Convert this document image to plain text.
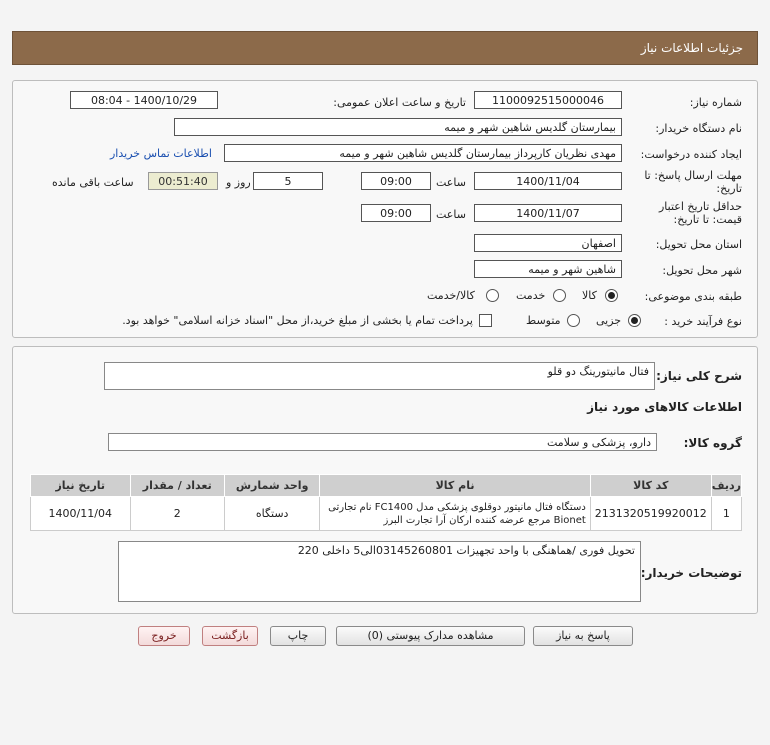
جزئیات اطلاعات نیاز
شماره نیاز:
1100092515000046
تاریخ و ساعت اعلان عمومی:
1400/10/29 - 08:04
نام دستگاه خریدار:
بیمارستان گلدیس شاهین شهر و میمه
ایجاد کننده درخواست:
مهدی نظریان کارپرداز بیمارستان گلدیس شاهین شهر و میمه
اطلاعات تماس خریدار
مهلت ارسال پاسخ: تا
تاریخ:
1400/11/04
ساعت
09:00
5
روز و
00:51:40
ساعت باقی مانده
حداقل تاریخ اعتبار
قیمت: تا تاریخ:
1400/11/07
ساعت
09:00
استان محل تحویل:
اصفهان
شهر محل تحویل:
شاهین شهر و میمه
طبقه بندی موضوعی:
کالا
خدمت
کالا/خدمت
نوع فرآیند خرید :
جزیی
متوسط
پرداخت تمام یا بخشی از مبلغ خرید،از محل "اسناد خزانه اسلامی" خواهد بود.
شرح کلی نیاز:
فتال مانیتورینگ دو قلو
اطلاعات کالاهای مورد نیاز
گروه کالا:
دارو، پزشکی و سلامت
ردیف	کد کالا	نام کالا	واحد شمارش	تعداد / مقدار	تاریخ نیاز
1	2131320519920012	دستگاه فتال مانیتور دوقلوی پزشکی مدل FC1400 نام تجارتی Bionet مرجع عرضه کننده ارکان آرا تجارت البرز	دستگاه	2	1400/11/04
توضیحات خریدار:
تحویل فوری /هماهنگی با واحد تجهیزات 03145260801الی5 داخلی 220
پاسخ به نیاز
مشاهده مدارک پیوستی (0)
چاپ
بازگشت
خروج
